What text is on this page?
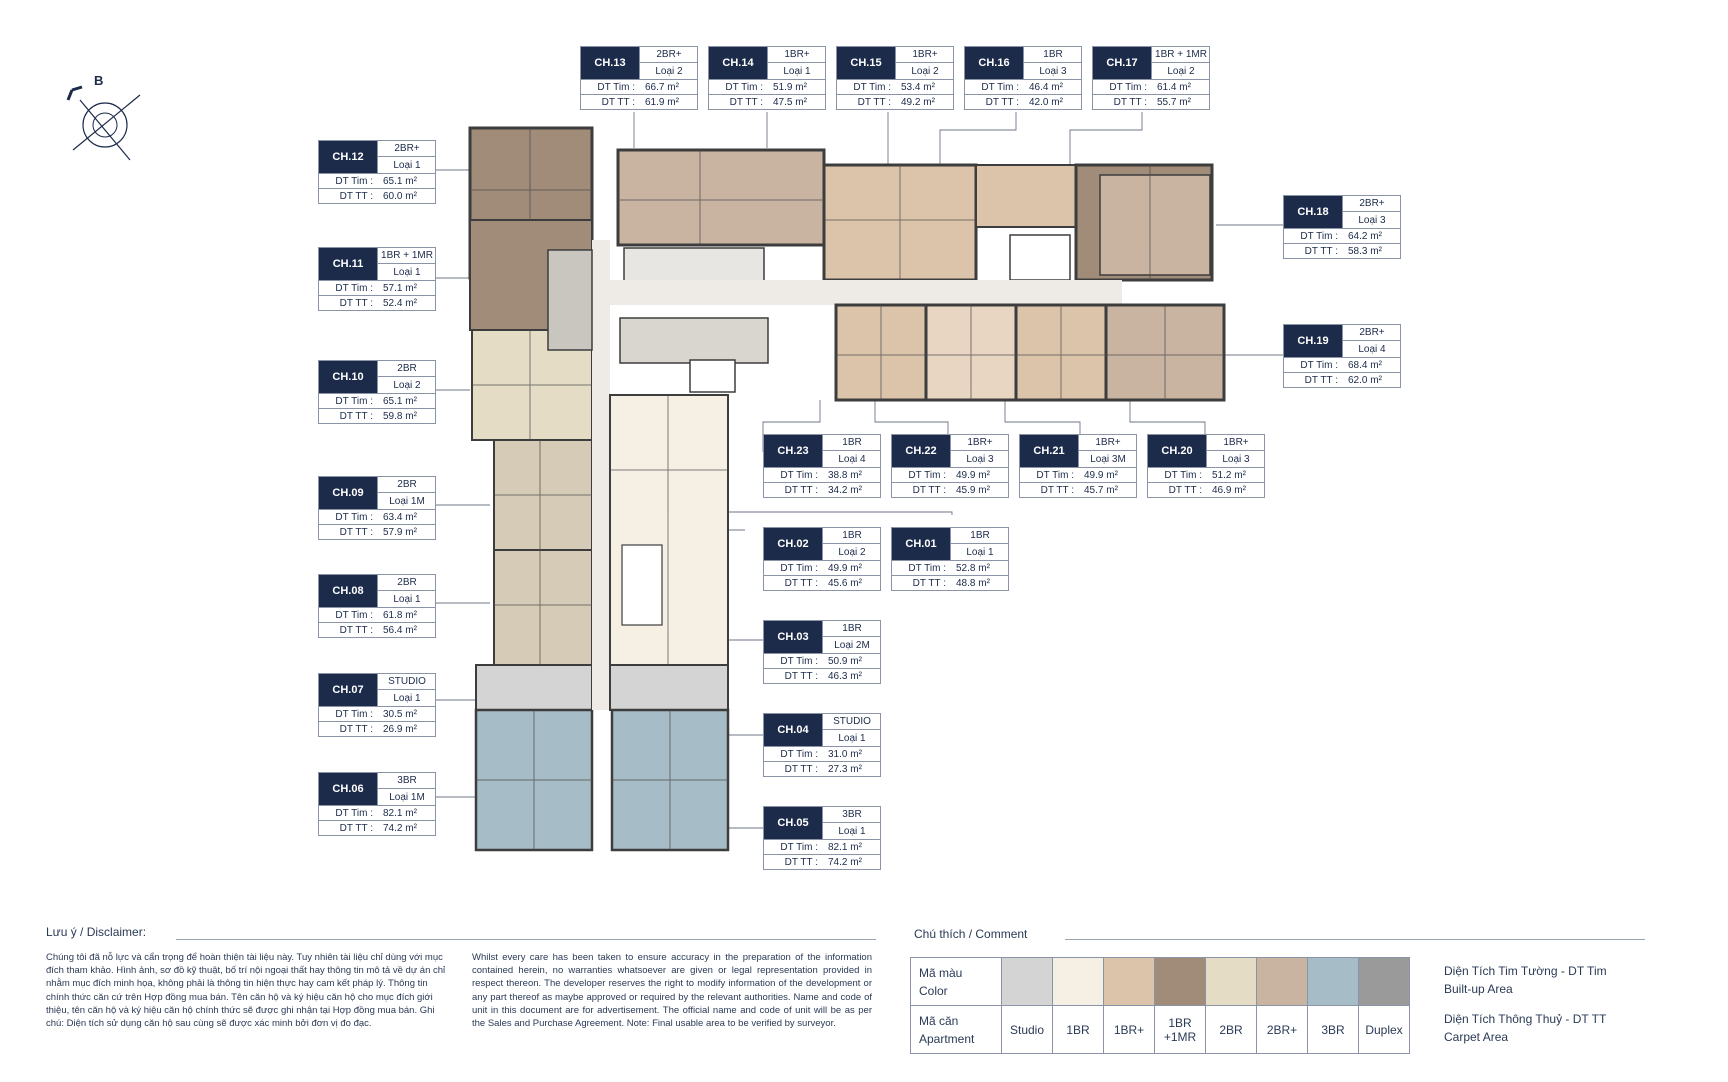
B
CH.13
2BR+
Loại 2
DT Tim :	66.7 m²
DT TT :	61.9 m²
CH.14
1BR+
Loại 1
DT Tim :	51.9 m²
DT TT :	47.5 m²
CH.15
1BR+
Loại 2
DT Tim :	53.4 m²
DT TT :	49.2 m²
CH.16
1BR
Loại 3
DT Tim :	46.4 m²
DT TT :	42.0 m²
CH.17
1BR + 1MR
Loại 2
DT Tim :	61.4 m²
DT TT :	55.7 m²
CH.12
2BR+
Loại 1
DT Tim :	65.1 m²
DT TT :	60.0 m²
CH.11
1BR + 1MR
Loại 1
DT Tim :	57.1 m²
DT TT :	52.4 m²
CH.10
2BR
Loại 2
DT Tim :	65.1 m²
DT TT :	59.8 m²
CH.09
2BR
Loại 1M
DT Tim :	63.4 m²
DT TT :	57.9 m²
CH.08
2BR
Loại 1
DT Tim :	61.8 m²
DT TT :	56.4 m²
CH.07
STUDIO
Loại 1
DT Tim :	30.5 m²
DT TT :	26.9 m²
CH.06
3BR
Loại 1M
DT Tim :	82.1 m²
DT TT :	74.2 m²
CH.18
2BR+
Loại 3
DT Tim :	64.2 m²
DT TT :	58.3 m²
CH.19
2BR+
Loại 4
DT Tim :	68.4 m²
DT TT :	62.0 m²
CH.23
1BR
Loại 4
DT Tim :	38.8 m²
DT TT :	34.2 m²
CH.22
1BR+
Loại 3
DT Tim :	49.9 m²
DT TT :	45.9 m²
CH.21
1BR+
Loại 3M
DT Tim :	49.9 m²
DT TT :	45.7 m²
CH.20
1BR+
Loại 3
DT Tim :	51.2 m²
DT TT :	46.9 m²
CH.02
1BR
Loại 2
DT Tim :	49.9 m²
DT TT :	45.6 m²
CH.01
1BR
Loại 1
DT Tim :	52.8 m²
DT TT :	48.8 m²
CH.03
1BR
Loại 2M
DT Tim :	50.9 m²
DT TT :	46.3 m²
CH.04
STUDIO
Loại 1
DT Tim :	31.0 m²
DT TT :	27.3 m²
CH.05
3BR
Loại 1
DT Tim :	82.1 m²
DT TT :	74.2 m²
Lưu ý / Disclaimer:
Chúng tôi đã nỗ lực và cẩn trọng để hoàn thiện tài liệu này. Tuy nhiên tài liệu chỉ dùng với mục đích tham khảo. Hình ảnh, sơ đồ kỹ thuật, bố trí nội ngoại thất hay thông tin mô tả về dự án chỉ nhằm mục đích minh họa, không phải là thông tin hiện thực hay cam kết pháp lý. Thông tin chính thức căn cứ trên Hợp đồng mua bán. Tên căn hộ và ký hiệu căn hộ cho mục đích giới thiệu, tên căn hộ và ký hiệu căn hộ chính thức sẽ được ghi nhận tại Hợp đồng mua bán. Ghi chú: Diện tích sử dụng căn hộ sau cùng sẽ được xác minh bởi đơn vị đo đạc.
Whilst every care has been taken to ensure accuracy in the preparation of the information contained herein, no warranties whatsoever are given or legal representation provided in respect thereon. The developer reserves the right to modify information of the development or any part thereof as maybe approved or required by the relevant authorities. Name and code of unit in this document are for advertisement. The official name and code of unit will be as per the Sales and Purchase Agreement. Note: Final usable area to be verified by surveyor.
Chú thích / Comment
Mã màu
Color								

Mã căn
Apartment	Studio	1BR	1BR+	1BR +1MR	2BR	2BR+	3BR	Duplex
Diện Tích Tim Tường - DT Tim
Built-up Area
Diện Tích Thông Thuỷ - DT TT
Carpet Area
